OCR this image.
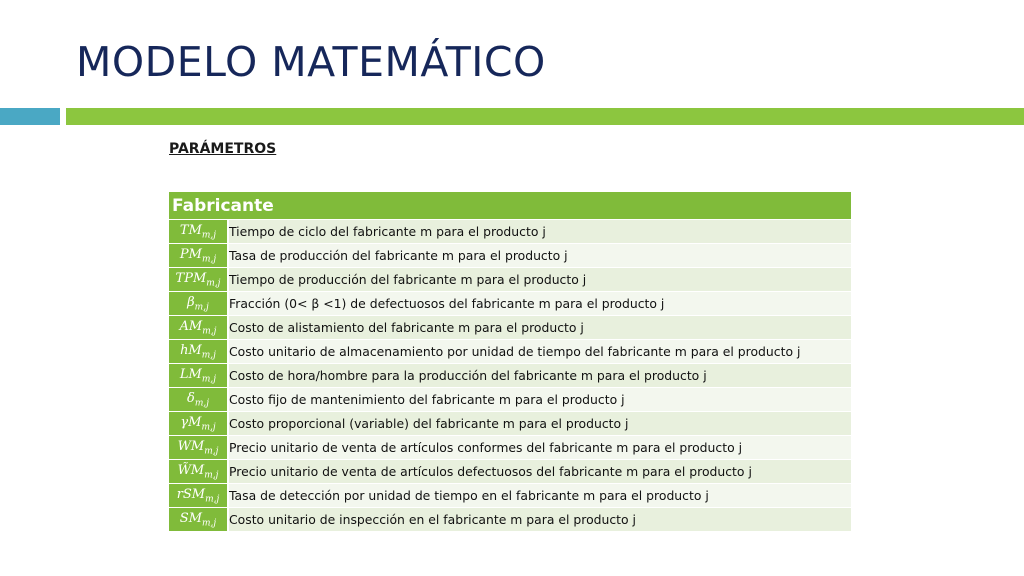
MODELO MATEMÁTICO

PARÁMETROS

Fabricante	
$TM_{m,j}$	Tiempo de ciclo del fabricante m para el producto j
$PM_{m,j}$	Tasa de producción del fabricante m para el producto j
$TPM_{m,j}$	Tiempo de producción del fabricante m para el producto j
$\beta_{m,j}$	Fracción (0< β <1) de defectuosos del fabricante m para el producto j
$AM_{m,j}$	Costo de alistamiento del fabricante m para el producto j
$hM_{m,j}$	Costo unitario de almacenamiento por unidad de tiempo del fabricante m para el producto j
$LM_{m,j}$	Costo de hora/hombre para la producción del fabricante m para el producto j
$\delta_{m,j}$	Costo fijo de mantenimiento del fabricante m para el producto j
$\gamma M_{m,j}$	Costo proporcional (variable) del fabricante m para el producto j
$WM_{m,j}$	Precio unitario de venta de artículos conformes del fabricante m para el producto j
$W̃M_{m,j}$	Precio unitario de venta de artículos defectuosos del fabricante m para el producto j
rSM$_{m,j}$	Tasa de detección por unidad de tiempo en el fabricante m para el producto j
$SM_{m,j}$	Costo unitario de inspección en el fabricante m para el producto j
